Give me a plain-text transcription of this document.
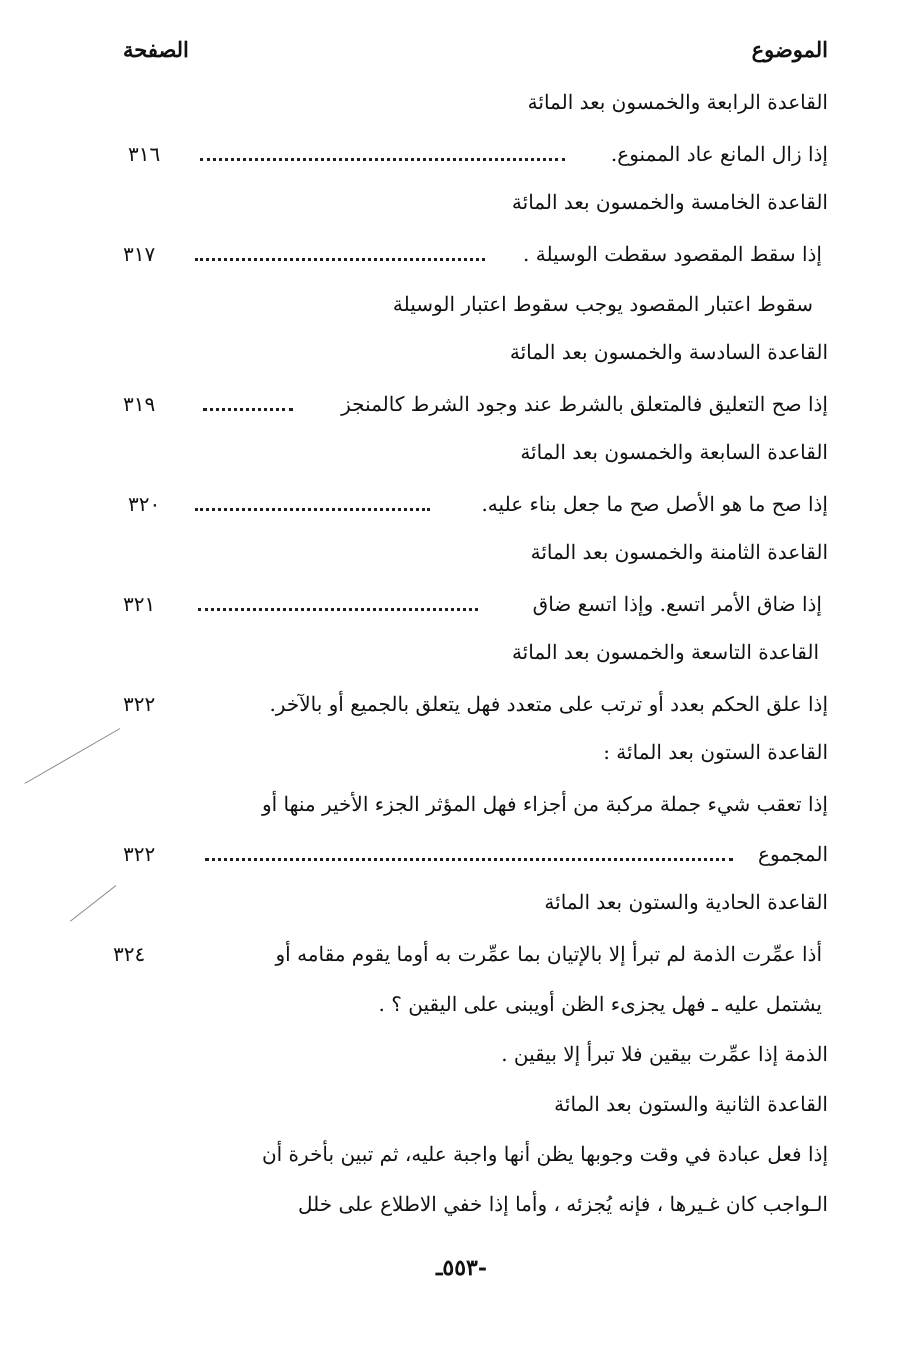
الموضوع
الصفحة
القاعدة الرابعة والخمسون بعد المائة
إذا زال المانع عاد الممنوع.
٣١٦
القاعدة الخامسة والخمسون بعد المائة
إذا سقط المقصود سقطت الوسيلة .
٣١٧
سقوط اعتبار المقصود يوجب سقوط اعتبار الوسيلة
القاعدة السادسة والخمسون بعد المائة
إذا صح التعليق فالمتعلق بالشرط عند وجود الشرط كالمنجز
٣١٩
القاعدة السابعة والخمسون بعد المائة
إذا صح ما هو الأصل صح ما جعل بناء عليه.
٣٢٠
القاعدة الثامنة والخمسون بعد المائة
إذا ضاق الأمر اتسع. وإذا اتسع ضاق
٣٢١
القاعدة التاسعة والخمسون بعد المائة
إذا علق الحكم بعدد أو ترتب على متعدد فهل يتعلق بالجميع أو بالآخر.
٣٢٢
القاعدة الستون بعد المائة :
إذا تعقب شيء جملة مركبة من أجزاء فهل المؤثر الجزء الأخير منها أو
المجموع
٣٢٢
القاعدة الحادية والستون بعد المائة
أذا عمِّرت الذمة لم تبرأ إلا بالإتيان بما عمِّرت به أوما يقوم مقامه أو
٣٢٤
يشتمل عليه ـ فهل يجزىء الظن أويبنى على اليقين ؟ .
الذمة إذا عمِّرت بيقين فلا تبرأ إلا بيقين .
القاعدة الثانية والستون بعد المائة
إذا فعل عبادة في وقت وجوبها يظن أنها واجبة عليه، ثم تبين بأخرة أن
الـواجب كان غـيرها ، فإنه يُجزئه ، وأما إذا خفي الاطلاع على خلل
-٥٥٣ـ
